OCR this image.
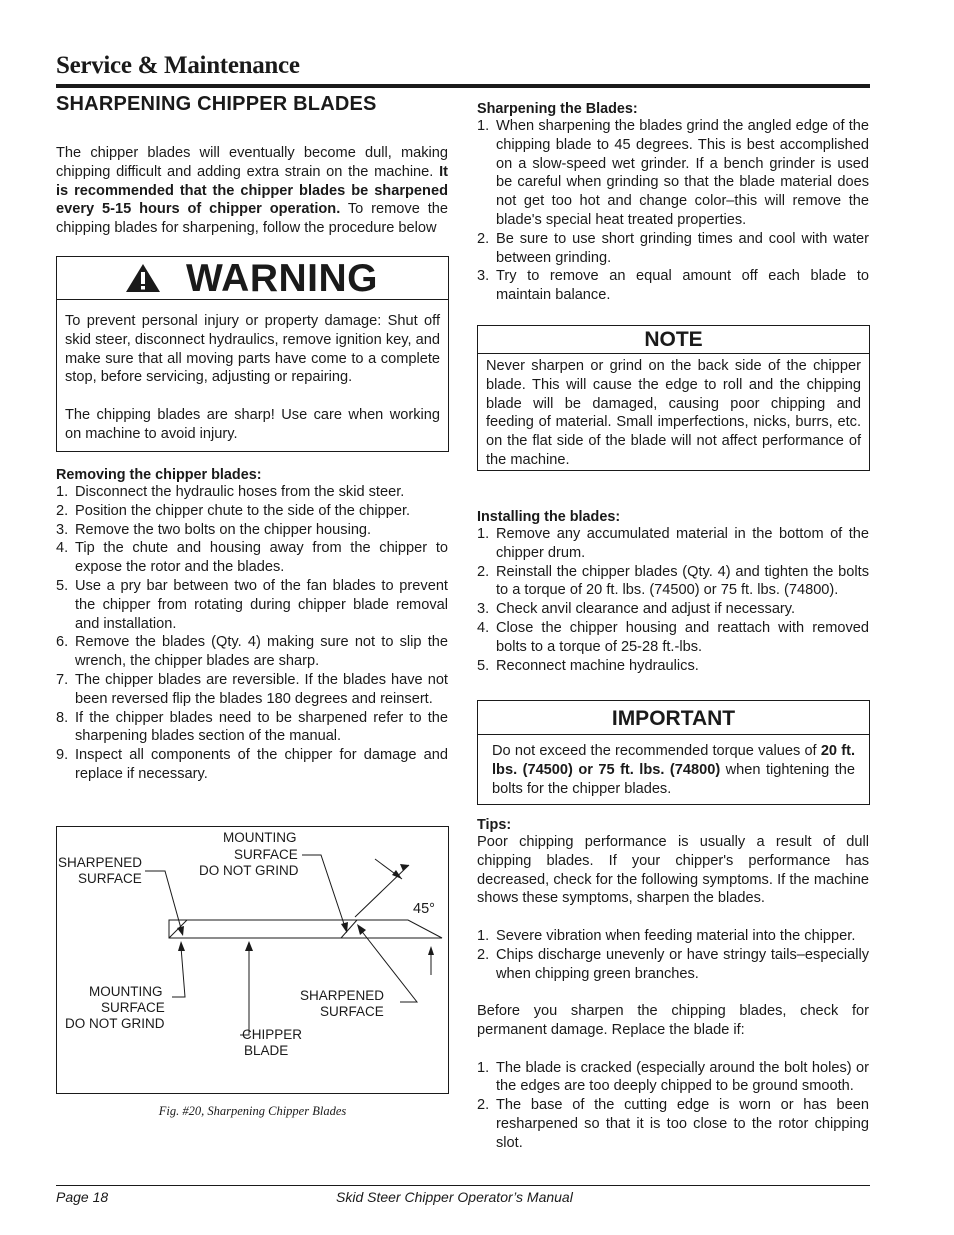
Service & Maintenance
SHARPENING CHIPPER BLADES
The chipper blades will eventually become dull, making chipping difficult and adding extra strain on the machine. It is recommended that the chipper blades be sharpened every 5-15 hours of chipper operation. To remove the chipping blades for sharpening, follow the procedure below
WARNING
To prevent personal injury or property damage: Shut off skid steer, disconnect hydraulics, remove ignition key, and make sure that all moving parts have come to a complete stop, before servicing, adjusting or repairing.
The chipping blades are sharp! Use care when working on machine to avoid injury.
Removing the chipper blades:
1. Disconnect the hydraulic hoses from the skid steer.
2. Position the chipper chute to the side of the chipper.
3. Remove the two bolts on the chipper housing.
4. Tip the chute and housing away from the chipper to expose the rotor and the blades.
5. Use a pry bar between two of the fan blades to prevent the chipper from rotating during chipper blade removal and installation.
6. Remove the blades (Qty. 4) making sure not to slip the wrench, the chipper blades are sharp.
7. The chipper blades are reversible. If the blades have not been reversed flip the blades 180 degrees and reinsert.
8. If the chipper blades need to be sharpened refer to the sharpening blades section of the manual.
9. Inspect all components of the chipper for damage and replace if necessary.
SHARPENED
SURFACE
MOUNTING
SURFACE
DO NOT GRIND
45°
MOUNTING
SURFACE
DO NOT GRIND
SHARPENED
SURFACE
CHIPPER
BLADE
Fig. #20, Sharpening Chipper Blades
Sharpening the Blades:
1. When sharpening the blades grind the angled edge of the chipping blade to 45 degrees. This is best accomplished on a slow-speed wet grinder. If a bench grinder is used be careful when grinding so that the blade material does not get too hot and change color–this will remove the blade's special heat treated properties.
2. Be sure to use short grinding times and cool with water between grinding.
3. Try to remove an equal amount off each blade to maintain balance.
NOTE
Never sharpen or grind on the back side of the chipper blade. This will cause the edge to roll and the chipping blade will be damaged, causing poor chipping and feeding of material. Small imperfections, nicks, burrs, etc. on the flat side of the blade will not affect performance of the machine.
Installing the blades:
1. Remove any accumulated material in the bottom of the chipper drum.
2. Reinstall the chipper blades (Qty. 4) and tighten the bolts to a torque of 20 ft. lbs. (74500) or 75 ft. lbs. (74800).
3. Check anvil clearance and adjust if necessary.
4. Close the chipper housing and reattach with removed bolts to a torque of 25-28 ft.-lbs.
5. Reconnect machine hydraulics.
IMPORTANT
Do not exceed the recommended torque values of 20 ft. lbs. (74500) or 75 ft. lbs. (74800) when tightening the bolts for the chipper blades.
Tips:
Poor chipping performance is usually a result of dull chipping blades. If your chipper's performance has decreased, check for the following symptoms. If the machine shows these symptoms, sharpen the blades.
1. Severe vibration when feeding material into the chipper.
2. Chips discharge unevenly or have stringy tails–especially when chipping green branches.
Before you sharpen the chipping blades, check for permanent damage. Replace the blade if:
1. The blade is cracked (especially around the bolt holes) or the edges are too deeply chipped to be ground smooth.
2. The base of the cutting edge is worn or has been resharpened so that it is too close to the rotor chipping slot.
Page 18	Skid Steer Chipper Operator’s Manual
